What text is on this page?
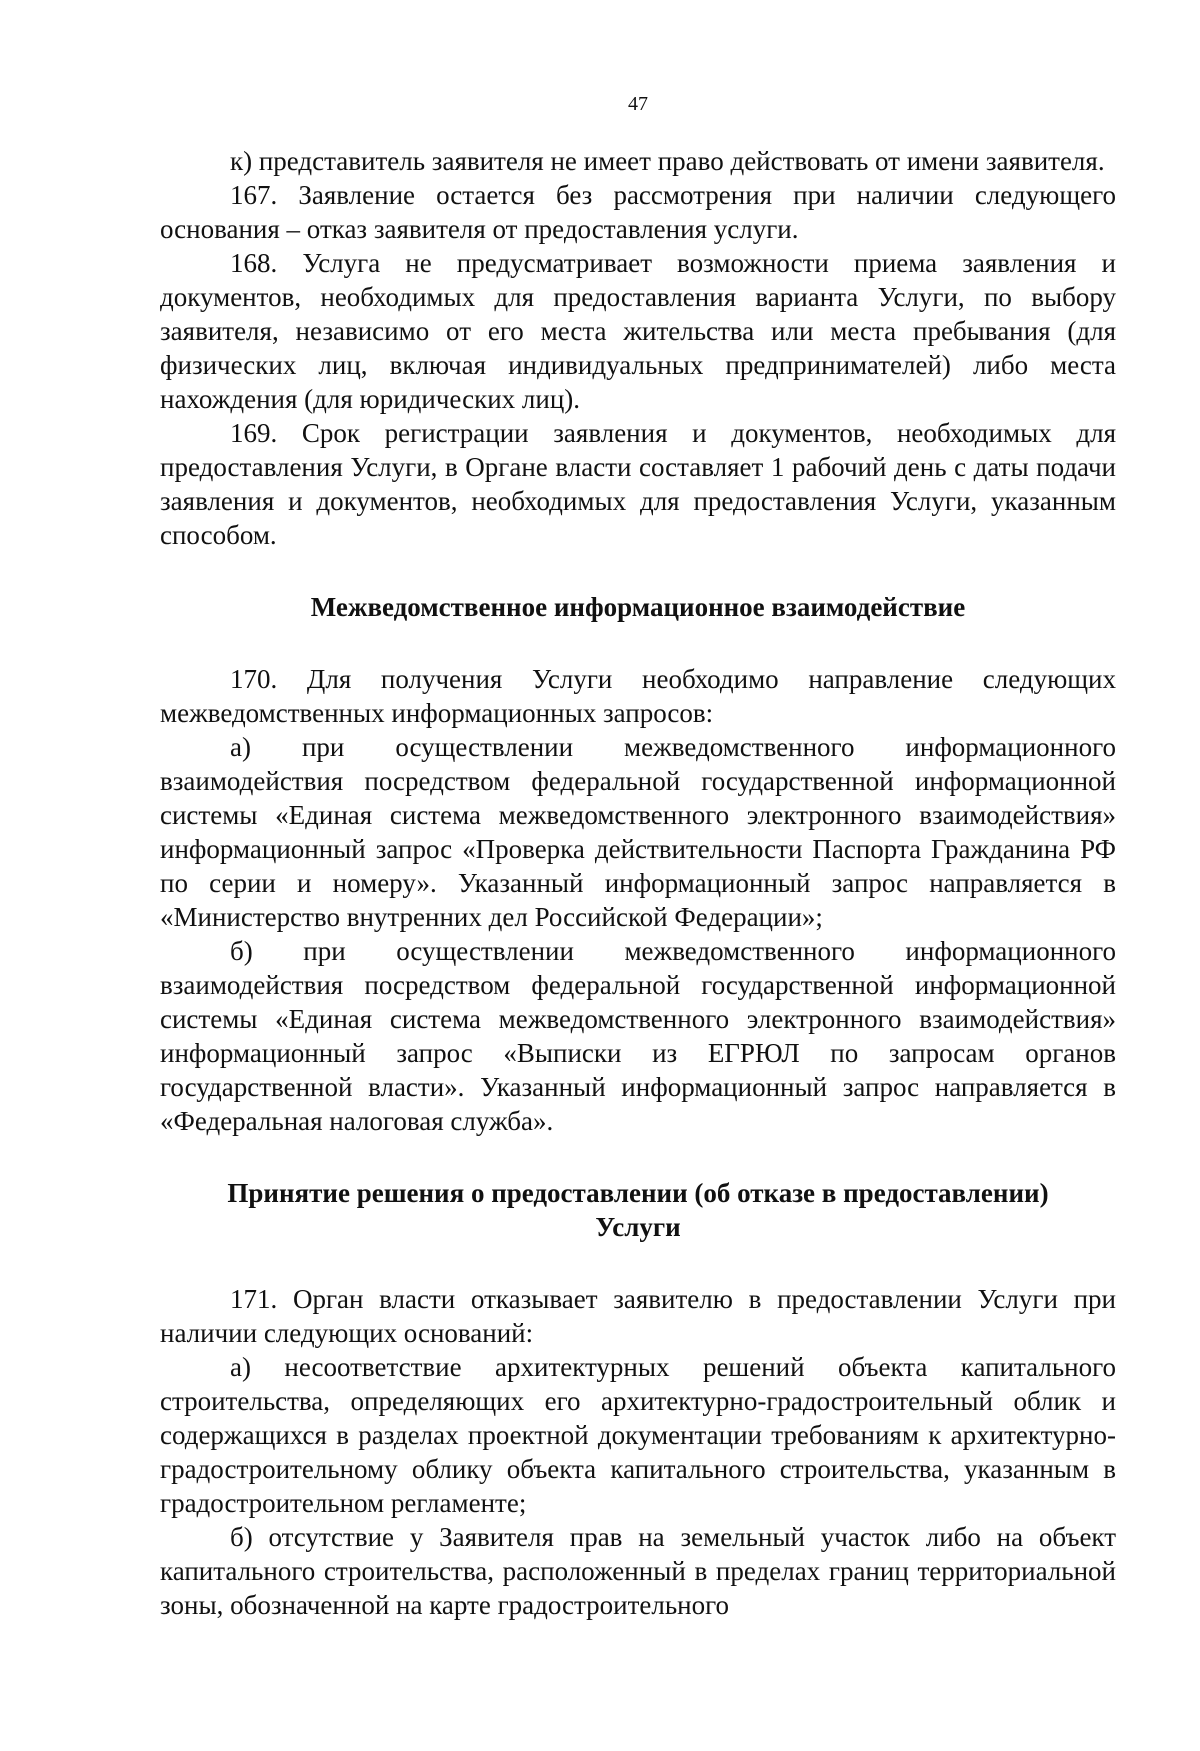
47

к) представитель заявителя не имеет право действовать от имени заявителя.

167. Заявление остается без рассмотрения при наличии следующего основания – отказ заявителя от предоставления услуги.

168. Услуга не предусматривает возможности приема заявления и документов, необходимых для предоставления варианта Услуги, по выбору заявителя, независимо от его места жительства или места пребывания (для физических лиц, включая индивидуальных предпринимателей) либо места нахождения (для юридических лиц).

169. Срок регистрации заявления и документов, необходимых для предоставления Услуги, в Органе власти составляет 1 рабочий день с даты подачи заявления и документов, необходимых для предоставления Услуги, указанным способом.

Межведомственное информационное взаимодействие

170. Для получения Услуги необходимо направление следующих межведомственных информационных запросов:

а) при осуществлении межведомственного информационного взаимодействия посредством федеральной государственной информационной системы «Единая система межведомственного электронного взаимодействия» информационный запрос «Проверка действительности Паспорта Гражданина РФ по серии и номеру». Указанный информационный запрос направляется в «Министерство внутренних дел Российской Федерации»;

б) при осуществлении межведомственного информационного взаимодействия посредством федеральной государственной информационной системы «Единая система межведомственного электронного взаимодействия» информационный запрос «Выписки из ЕГРЮЛ по запросам органов государственной власти». Указанный информационный запрос направляется в «Федеральная налоговая служба».

Принятие решения о предоставлении (об отказе в предоставлении)

Услуги

171. Орган власти отказывает заявителю в предоставлении Услуги при наличии следующих оснований:

а) несоответствие архитектурных решений объекта капитального строительства, определяющих его архитектурно-градостроительный облик и содержащихся в разделах проектной документации требованиям к архитектурно-градостроительному облику объекта капитального строительства, указанным в градостроительном регламенте;

б) отсутствие у Заявителя прав на земельный участок либо на объект капитального строительства, расположенный в пределах границ территориальной зоны, обозначенной на карте градостроительного
